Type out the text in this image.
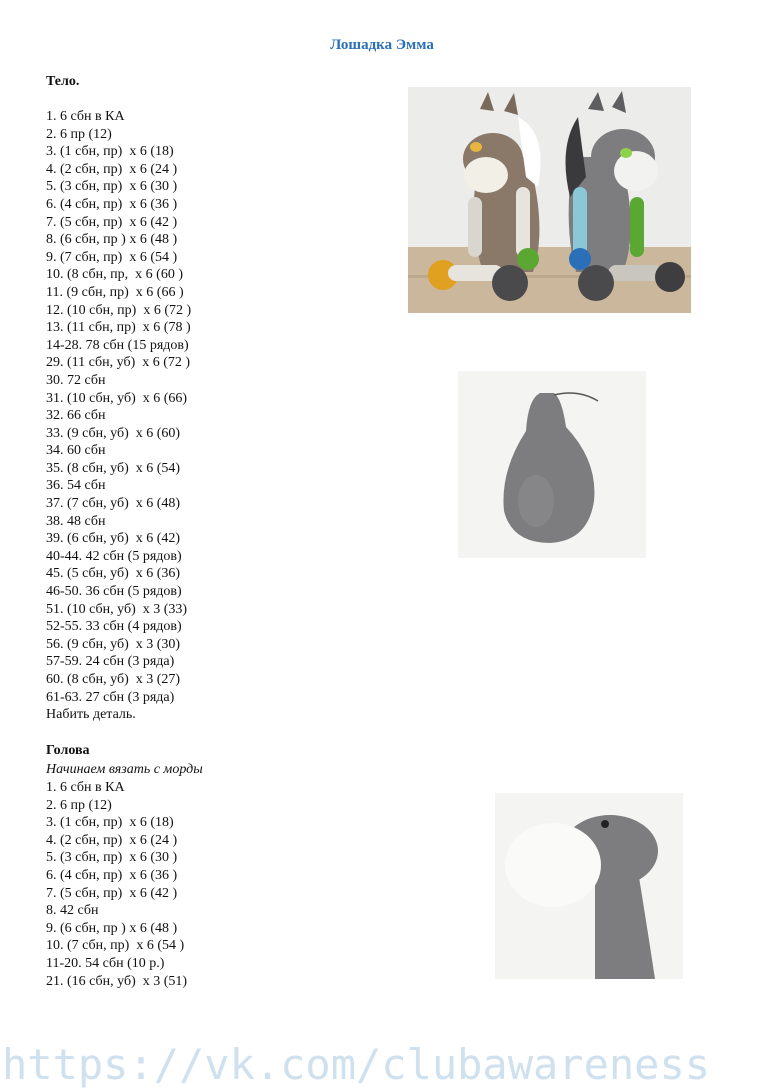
Лошадка Эмма
Тело.
1. 6 сбн в КА
2. 6 пр (12)
3. (1 сбн, пр)  х 6 (18)
4. (2 сбн, пр)  х 6 (24 )
5. (3 сбн, пр)  х 6 (30 )
6. (4 сбн, пр)  х 6 (36 )
7. (5 сбн, пр)  х 6 (42 )
8. (6 сбн, пр ) х 6 (48 )
9. (7 сбн, пр)  х 6 (54 )
10. (8 сбн, пр,  х 6 (60 )
11. (9 сбн, пр)  х 6 (66 )
12. (10 сбн, пр)  х 6 (72 )
13. (11 сбн, пр)  х 6 (78 )
14-28. 78 сбн (15 рядов)
29. (11 сбн, уб)  х 6 (72 )
30. 72 сбн
31. (10 сбн, уб)  х 6 (66)
32. 66 сбн
33. (9 сбн, уб)  х 6 (60)
34. 60 сбн
35. (8 сбн, уб)  х 6 (54)
36. 54 сбн
37. (7 сбн, уб)  х 6 (48)
38. 48 сбн
39. (6 сбн, уб)  х 6 (42)
40-44. 42 сбн (5 рядов)
45. (5 сбн, уб)  х 6 (36)
46-50. 36 сбн (5 рядов)
51. (10 сбн, уб)  х 3 (33)
52-55. 33 сбн (4 рядов)
56. (9 сбн, уб)  х 3 (30)
57-59. 24 сбн (3 ряда)
60. (8 сбн, уб)  х 3 (27)
61-63. 27 сбн (3 ряда)
Набить деталь.
Голова

Начинаем вязать с морды

1. 6 сбн в КА
2. 6 пр (12)
3. (1 сбн, пр)  х 6 (18)
4. (2 сбн, пр)  х 6 (24 )
5. (3 сбн, пр)  х 6 (30 )
6. (4 сбн, пр)  х 6 (36 )
7. (5 сбн, пр)  х 6 (42 )
8. 42 сбн
9. (6 сбн, пр ) х 6 (48 )
10. (7 сбн, пр)  х 6 (54 )
11-20. 54 сбн (10 р.)
21. (16 сбн, уб)  х 3 (51)
https://vk.com/clubawareness
